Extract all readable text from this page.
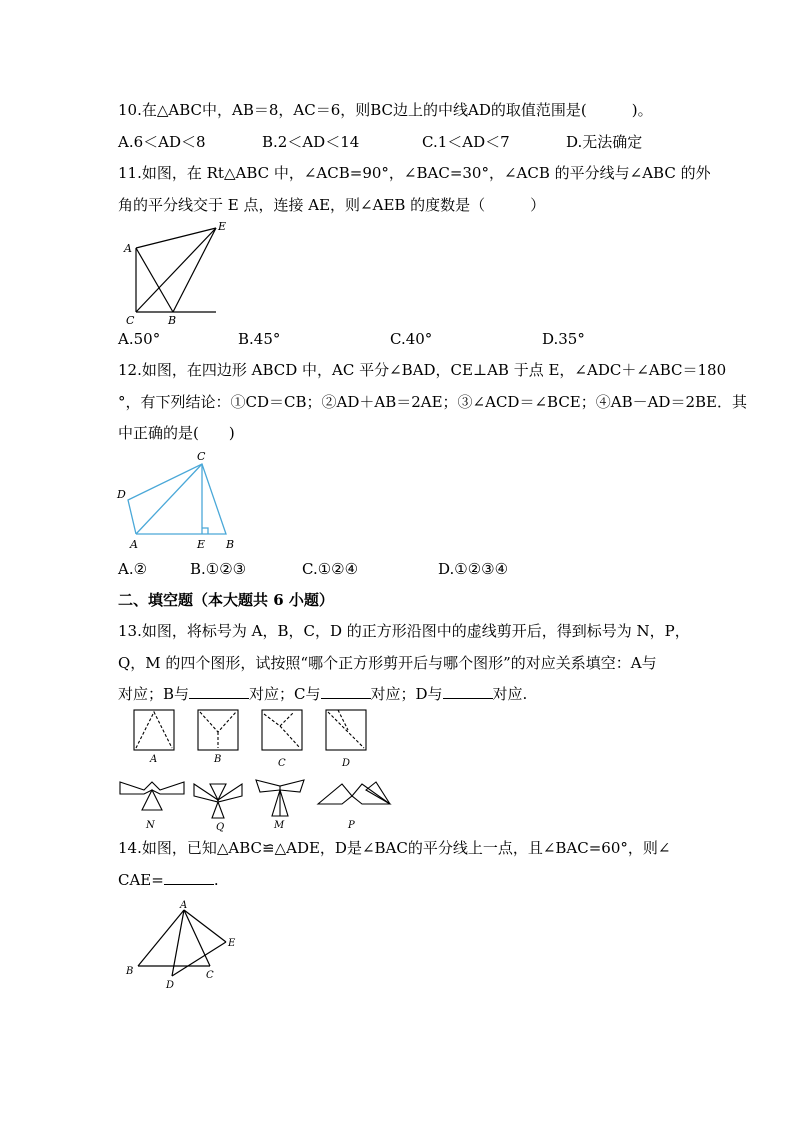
10.在△ABC中，AB＝8，AC＝6，则BC边上的中线AD的取值范围是(　　　)。
A.6＜AD＜8	B.2＜AD＜14	C.1＜AD＜7	D.无法确定
11.如图，在 Rt△ABC 中，∠ACB=90°，∠BAC=30°，∠ACB 的平分线与∠ABC 的外
角的平分线交于 E 点，连接 AE，则∠AEB 的度数是（　　　）
A
E
C	B
A.50°	B.45°	C.40°	D.35°
12.如图，在四边形 ABCD 中，AC 平分∠BAD，CE⊥AB 于点 E，∠ADC＋∠ABC＝180
°，有下列结论：①CD＝CB；②AD＋AB＝2AE；③∠ACD＝∠BCE；④AB－AD＝2BE．其
中正确的是(　　)
C
D
A	E B
A.②	B.①②③	C.①②④	D.①②③④
二、填空题（本大题共 6 小题）
13.如图，将标号为 A，B，C，D 的正方形沿图中的虚线剪开后，得到标号为 N，P，
Q，M 的四个图形，试按照“哪个正方形剪开后与哪个图形”的对应关系填空：A与
对应；B与	对应；C与	对应；D与	对应.
A	B	C	D
N	Q	M	P
14.如图，已知△ABC≌△ADE，D是∠BAC的平分线上一点，且∠BAC=60°，则∠
CAE=	.
A
B	C
D
E
